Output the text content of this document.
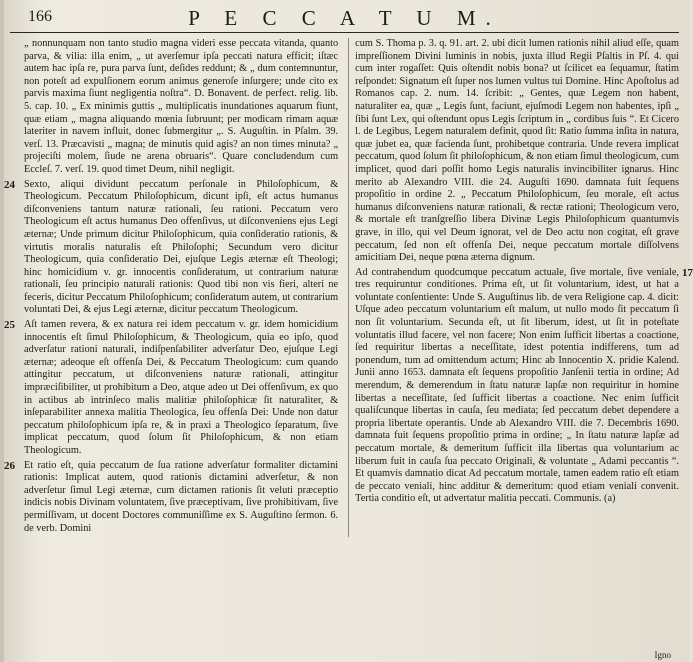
166	P E C C A T U M.

„ nonnunquam non tanto studio magna videri esse peccata vitanda, quanto parva, & vilia: illa enim, „ ut averſemur ipſa peccati natura efficit; iſtæc autem hac ipſa re, pura parva ſunt, deſides reddunt; & „ dum contemnuntur, non poteſt ad expulſionem eorum animus generoſe inſurgere; unde cito ex parvis maxima ſiunt negligentia noſtra“. D. Bonavent. de perfect. relig. lib. 5. cap. 10. „ Ex minimis guttis „ multiplicatis inundationes aquarum fiunt, quæ etiam „ magna aliquando mœnia ſubruunt; per modicam rimam aquæ lateriter in navem influit, donec ſubmergitur „. S. Auguſtin. in Pſalm. 39. verſ. 13. Præcavisti „ magna; de minutis quid agis? an non times minuta? „ projeciſti molem, ſiude ne arena obruaris“. Quare concludendum cum Eccleſ. 7. verſ. 19. quod timet Deum, nihil negligit.

24 Sexto, aliqui dividunt peccatum perſonale in Philoſophicum, & Theologicum. Peccatum Philoſophicum, dicunt ipſi, eſt actus humanus diſconveniens tantum naturæ rationali, ſeu rationi. Peccatum vero Theologicum eſt actus humanus Deo offenſivus, ut diſconveniens ejus Legi æternæ; Unde primum dicitur Philoſophicum, quia conſideratio rationis, & virtutis moralis naturalis eſt Philoſophi; Secundum vero dicitur Theologicum, quia conſideratio Dei, ejuſque Legis æternæ eſt Theologi; hinc homicidium v. gr. innocentis conſideratum, ut contrarium naturæ rationali, ſeu principio naturali rationis: Quod tibi non vis fieri, alteri ne feceris, dicitur Peccatum Philoſophicum; conſideratum autem, ut contrarium voluntati Dei, & ejus Legi æternæ, dicitur peccatum Theologicum.

25 Aſt tamen revera, & ex natura rei idem peccatum v. gr. idem homicidium innocentis eſt ſimul Philoſophicum, & Theologicum, quia eo ipſo, quod adverſatur rationi naturali, indiſpenſabiliter adverſatur Deo, ejuſque Legi æternæ; adeoque eſt offenſa Dei, & Peccatum Theologicum: cum quando attingitur peccatum, ut diſconveniens naturæ rationali, attingitur impræciſibiliter, ut prohibitum a Deo, atque adeo ut Dei offenſivum, ex quo in actibus ab intrinſeco malis malitiæ philoſophicæ ſit naturaliter, & inſeparabiliter annexa malitia Theologica, ſeu offenſa Dei: Unde non datur peccatum philoſophicum ipſa re, & in praxi a Theologico ſeparatum, ſive implicat peccatum, quod ſolum ſit Philoſophicum, & non etiam Theologicum.

26 Et ratio eſt, quia peccatum de ſua ratione adverſatur formaliter dictamini rationis: Implicat autem, quod rationis dictamini adverſetur, & non adverſetur ſimul Legi æternæ, cum dictamen rationis ſit veluti præceptio indicis nobis Divinam voluntatem, ſive præceptivam, ſive prohibitivam, ſive permiſſivam, ut docent Doctores communiſſime ex S. Auguſtino ſermon. 6. de verb. Domini

cum S. Thoma p. 3. q. 91. art. 2. ubi dicit lumen rationis nihil aliud eſſe, quam impreſſionem Divini luminis in nobis, juxta illud Regii Pſaltis in Pſ. 4. qui cum inter rogaſſet: Quis oſtendit nobis bona? ut ſcilicet ea ſequamur, ſtatim reſpondet: Signatum eſt ſuper nos lumen vultus tui Domine. Hinc Apoſtolus ad Romanos cap. 2. num. 14. ſcribit: „ Gentes, quæ Legem non habent, naturaliter ea, quæ „ Legis ſunt, faciunt, ejuſmodi Legem non habentes, ipſi „ ſibi ſunt Lex, qui oſtendunt opus Legis ſcriptum in „ cordibus ſuis “. Et Cicero l. de Legibus, Legem naturalem definit, quod ſit: Ratio ſumma inſita in natura, quæ jubet ea, quæ facienda ſunt, prohibetque contraria. Unde revera implicat peccatum, quod ſolum ſit philoſophicum, & non etiam ſimul theologicum, cum implicet, quod dari poſſit homo Legis naturalis invincibiliter ignarus. Hinc merito ab Alexandro VIII. die 24. Auguſti 1690. damnata fuit ſequens propoſitio in ordine 2. „ Peccatum Philoſophicum, ſeu morale, eſt actus humanus diſconveniens naturæ rationali, & rectæ rationi; Theologicum vero, & mortale eſt tranſgreſſio libera Divinæ Legis Philoſophicum quantumvis grave, in illo, qui vel Deum ignorat, vel de Deo actu non cogitat, eſt grave peccatum, ſed non eſt offenſa Dei, neque peccatum mortale diſſolvens amicitiam Dei, neque pœna æterna dignum.

17
Ad contrahendum quodcumque peccatum actuale, ſive mortale, ſive veniale, tres requiruntur conditiones. Prima eſt, ut ſit voluntarium, idest, ut hat a voluntate conſentiente: Unde S. Auguſtinus lib. de vera Religione cap. 4. dicit: Uſque adeo peccatum voluntarium eſt malum, ut nullo modo ſit peccatum ſi non ſit voluntarium. Secunda eſt, ut ſit liberum, idest, ut ſit in poteſtate voluntatis illud facere, vel non facere; Non enim ſufficit libertas a coactione, ſed requiritur libertas a neceſſitate, idest potentia indifferens, tum ad ponendum, tum ad omittendum actum; Hinc ab Innocentio X. pridie Kalend. Junii anno 1653. damnata eſt ſequens propoſitio Janſenii tertia in ordine; Ad merendum, & demerendum in ſtatu naturæ lapſæ non requiritur in homine libertas a neceſſitate, ſed ſufficit libertas a coactione. Nec enim ſufficit qualiſcunque libertas in cauſa, ſeu mediata; ſed peccatum debet dependere a propria libertate operantis. Unde ab Alexandro VIII. die 7. Decembris 1690. damnata fuit ſequens propoſitio prima in ordine; „ In ſtatu naturæ lapſæ ad peccatum mortale, & demeritum ſufficit illa libertas qua voluntarium ac liberum fuit in cauſa ſua peccato Originali, & voluntate „ Adami peccantis “. Et quamvis damnatio dicat Ad peccatum mortale, tamen eadem ratio eſt etiam de peccato veniali, hinc additur & demeritum: quod etiam veniali convenit. Tertia conditio eſt, ut advertatur malitia peccati. Communis. (a)

Igno
